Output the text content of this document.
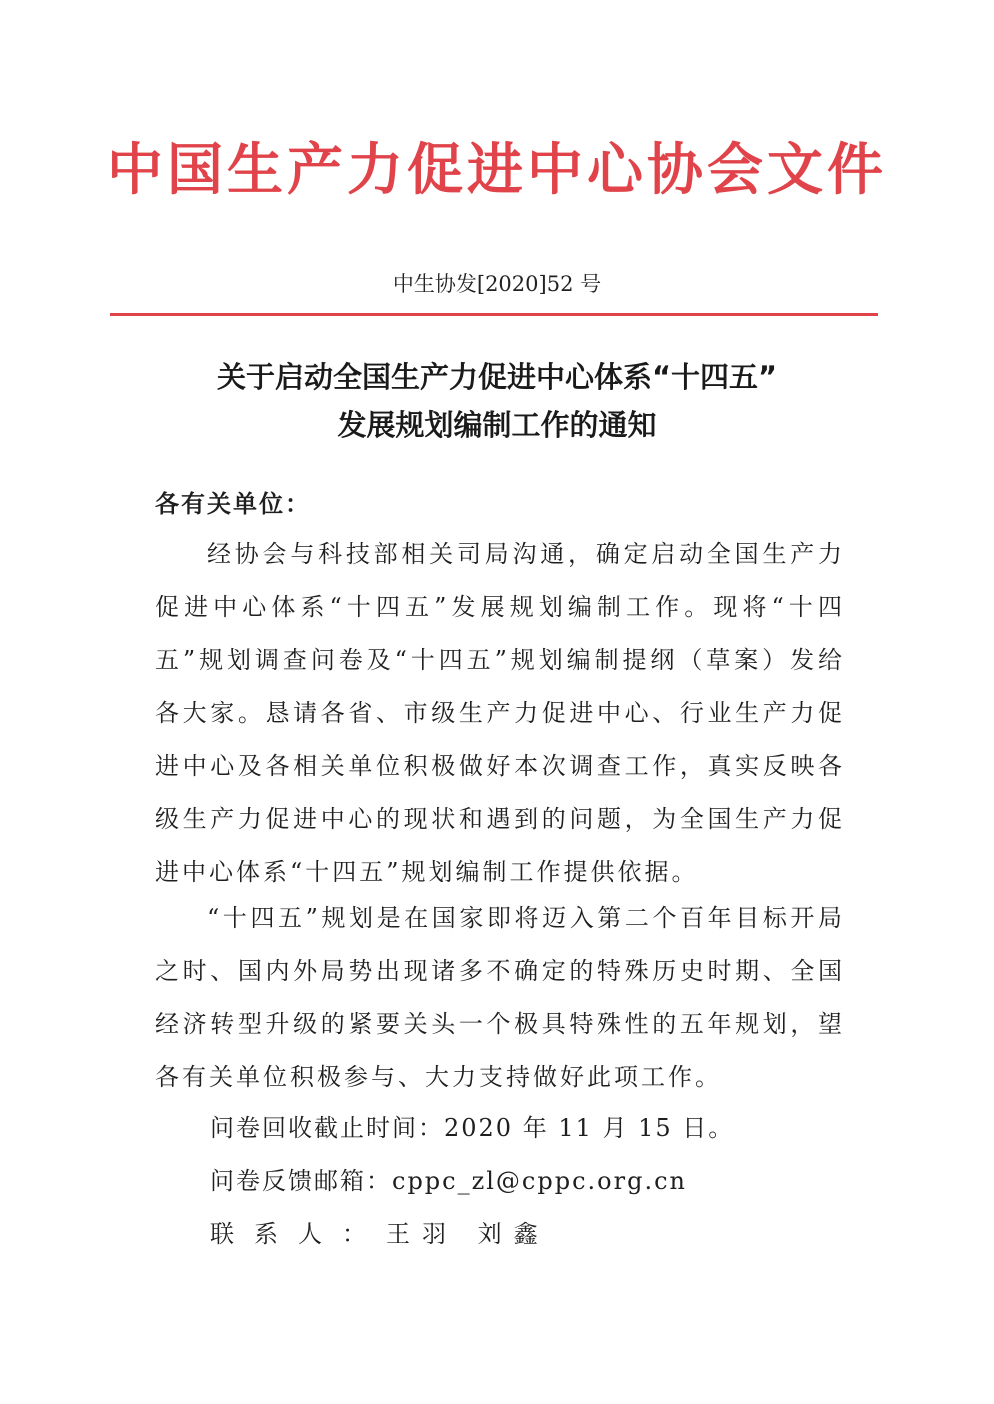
中国生产力促进中心协会文件
中生协发[2020]52 号
关于启动全国生产力促进中心体系“十四五”
发展规划编制工作的通知
各有关单位：

经协会与科技部相关司局沟通，确定启动全国生产力促进中心体系“十四五”发展规划编制工作。现将“十四五”规划调查问卷及“十四五”规划编制提纲（草案）发给各大家。恳请各省、市级生产力促进中心、行业生产力促进中心及各相关单位积极做好本次调查工作，真实反映各级生产力促进中心的现状和遇到的问题，为全国生产力促进中心体系“十四五”规划编制工作提供依据。

“十四五”规划是在国家即将迈入第二个百年目标开局之时、国内外局势出现诸多不确定的特殊历史时期、全国经济转型升级的紧要关头一个极具特殊性的五年规划，望各有关单位积极参与、大力支持做好此项工作。

问卷回收截止时间：2020 年 11 月 15 日。
问卷反馈邮箱：cppc_zl@cppc.org.cn
联系人：王羽 刘鑫
